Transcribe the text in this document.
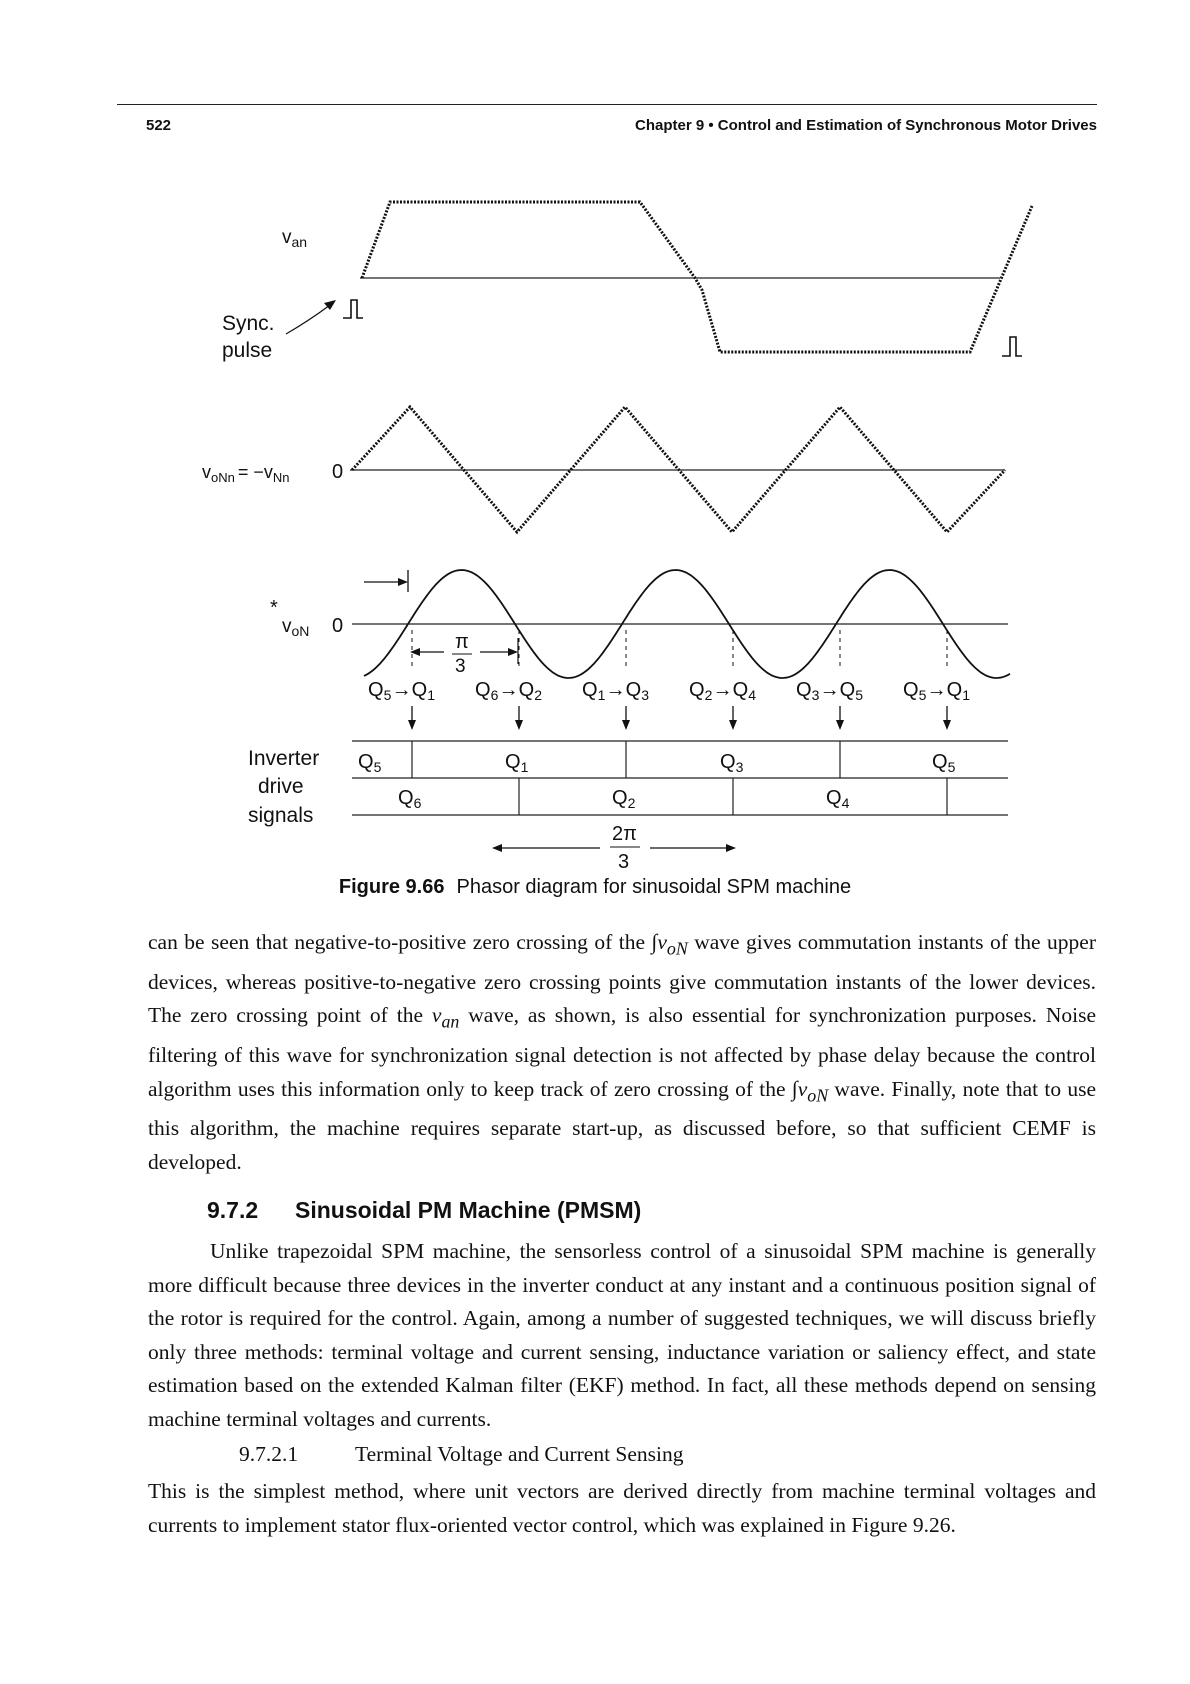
522	Chapter 9 • Control and Estimation of Synchronous Motor Drives
$v_{an}$
Sync.
pulse
$v_{oNn} = -v_{Nn}$ 0
*
$v_{oN}$ 0
π
3
$Q_5 \to Q_1$ $Q_6 \to Q_2$ $Q_1 \to Q_3$ $Q_2 \to Q_4$ $Q_3 \to Q_5$ $Q_5 \to Q_1$
Inverter
drive
signals
$Q_5$	$Q_1$	$Q_3$	$Q_5$
$Q_6$	$Q_2$	$Q_4$
2π
3
Figure 9.66 Phasor diagram for sinusoidal SPM machine

can be seen that negative-to-positive zero crossing of the $\int v_{oN}$ wave gives commutation instants of the upper devices, whereas positive-to-negative zero crossing points give commutation instants of the lower devices. The zero crossing point of the $v_{an}$ wave, as shown, is also essential for synchronization purposes. Noise filtering of this wave for synchronization signal detection is not affected by phase delay because the control algorithm uses this information only to keep track of zero crossing of the $\int v_{oN}$ wave. Finally, note that to use this algorithm, the machine requires separate start-up, as discussed before, so that sufficient CEMF is developed.

9.7.2 Sinusoidal PM Machine (PMSM)

Unlike trapezoidal SPM machine, the sensorless control of a sinusoidal SPM machine is generally more difficult because three devices in the inverter conduct at any instant and a continuous position signal of the rotor is required for the control. Again, among a number of suggested techniques, we will discuss briefly only three methods: terminal voltage and current sensing, inductance variation or saliency effect, and state estimation based on the extended Kalman filter (EKF) method. In fact, all these methods depend on sensing machine terminal voltages and currents.

9.7.2.1	Terminal Voltage and Current Sensing

This is the simplest method, where unit vectors are derived directly from machine terminal voltages and currents to implement stator flux-oriented vector control, which was explained in Figure 9.26.
